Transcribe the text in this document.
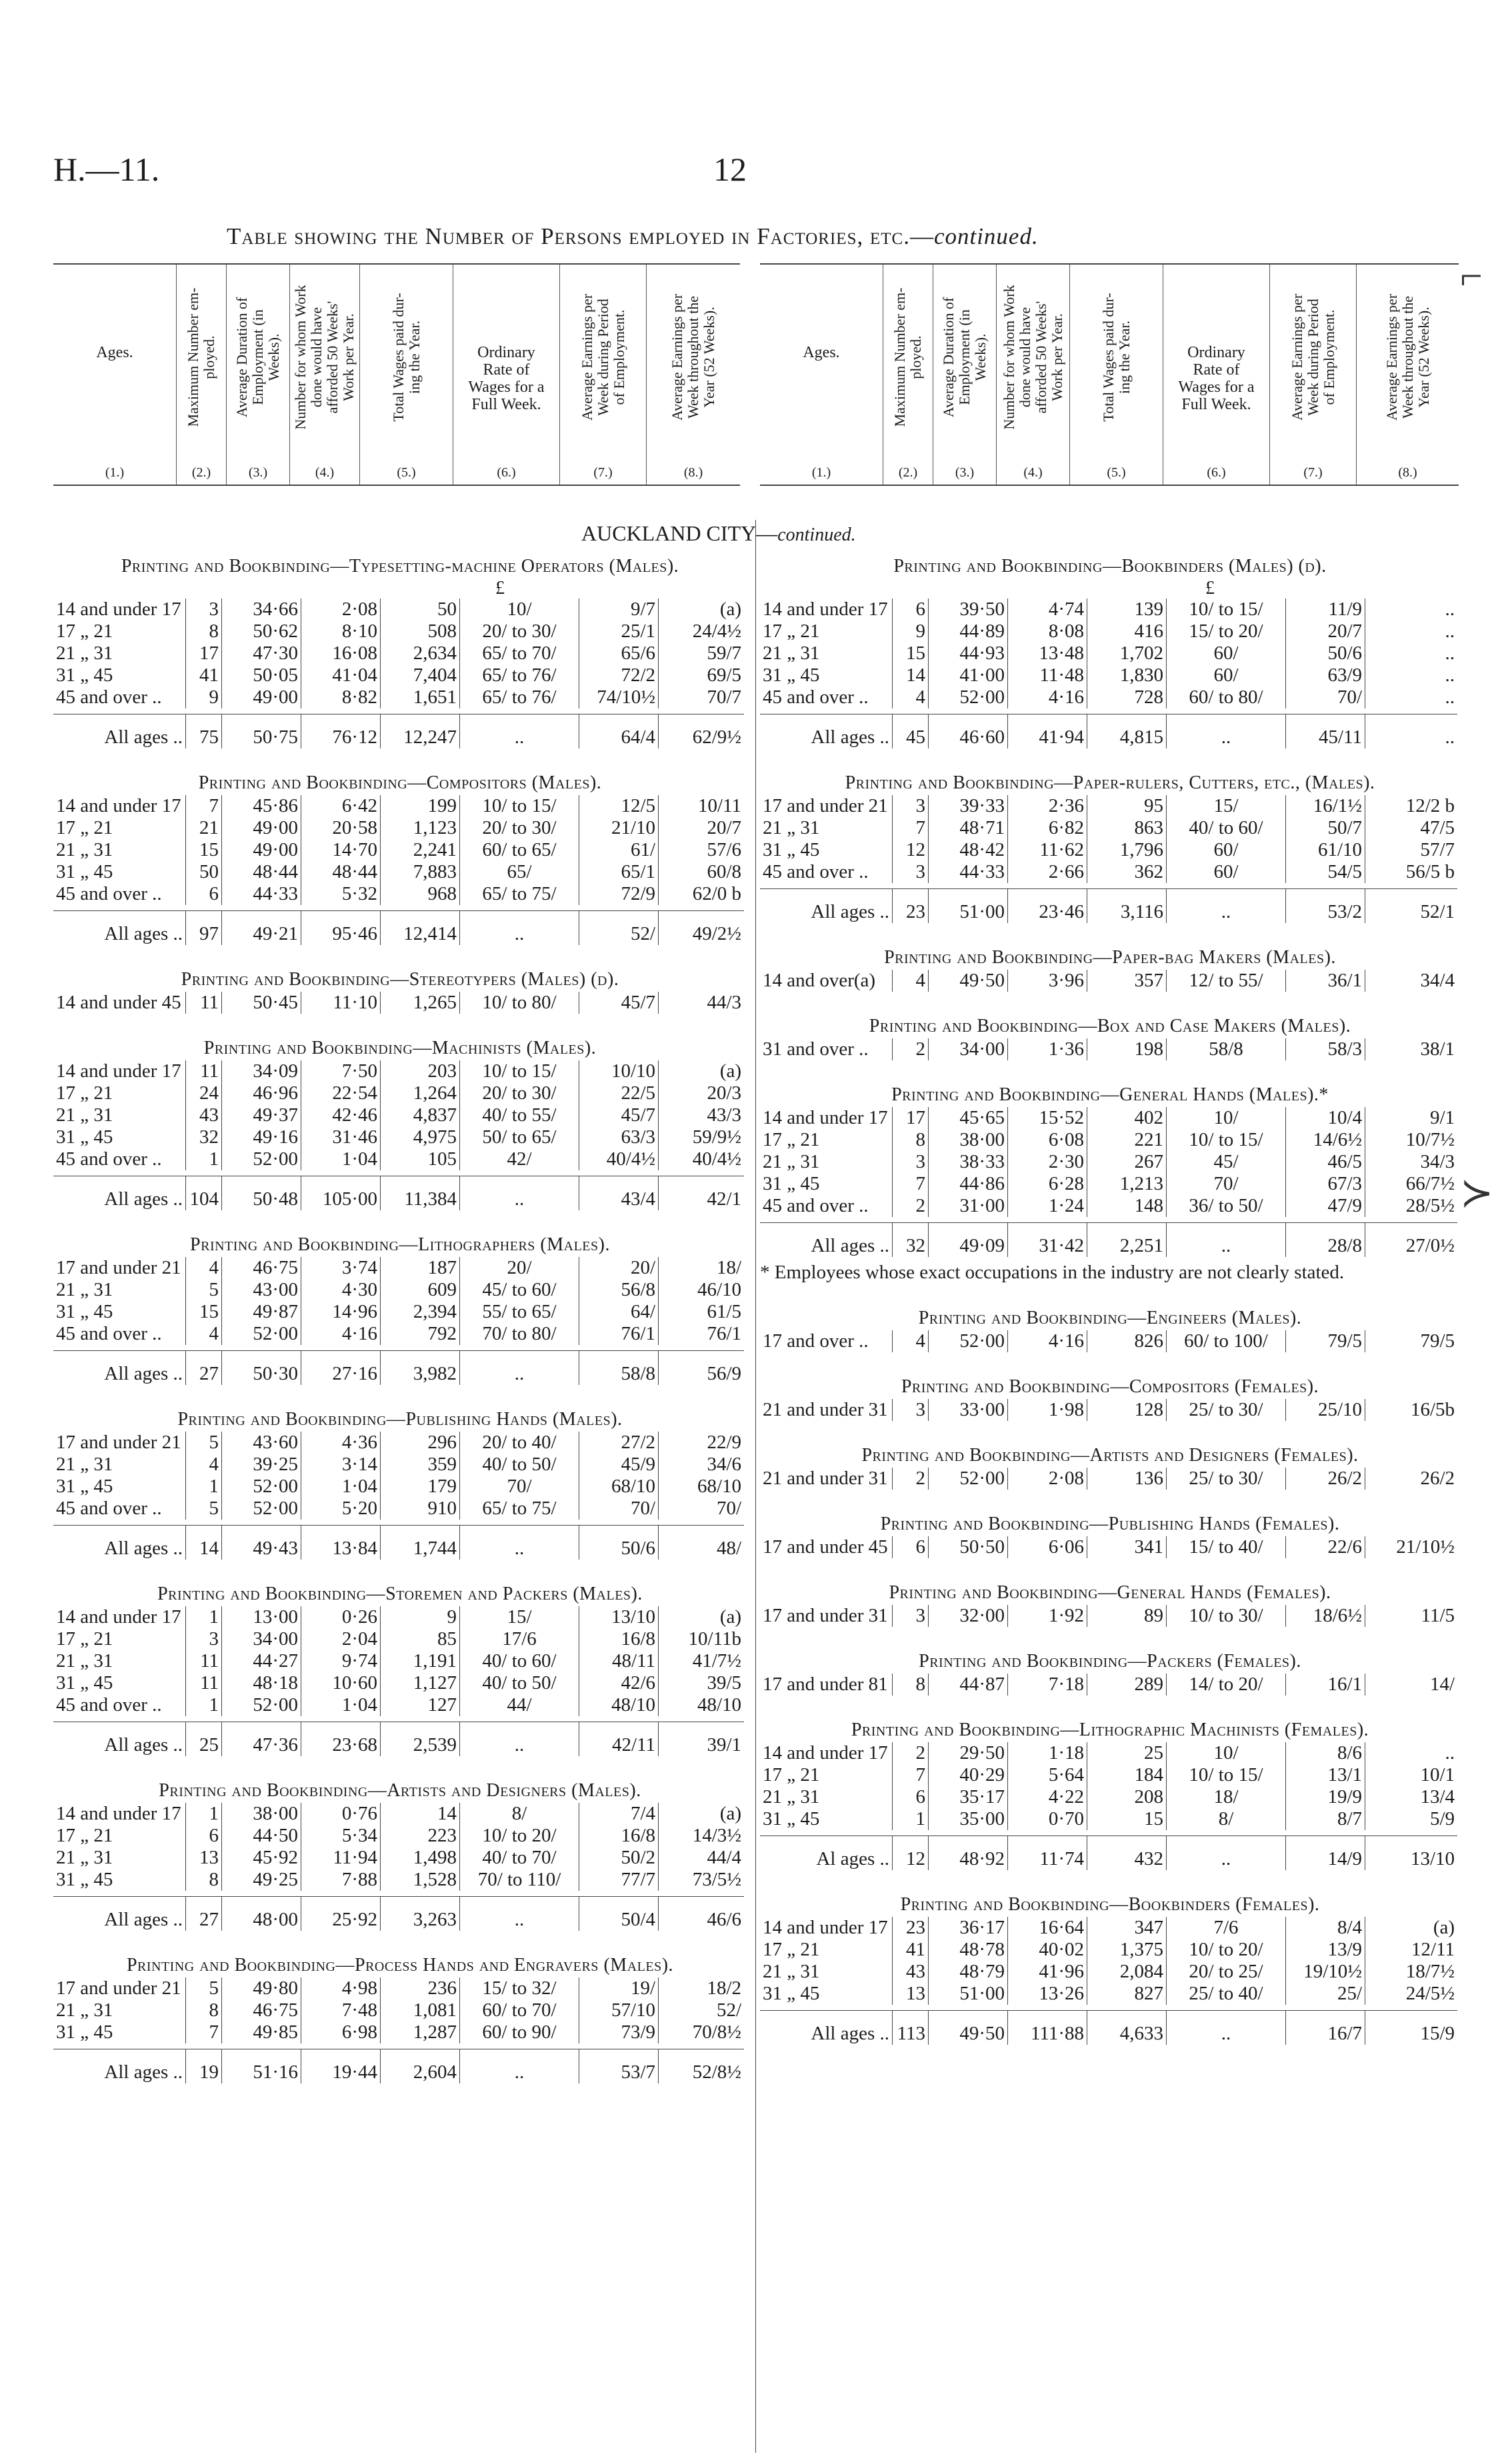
H.—11.	12
Table showing the Number of Persons employed in Factories, etc.—continued.
Ages.
(1.)
Maximum Number em-
ployed.
(2.)
Average Duration of
Employment (in
Weeks).
(3.)
Number for whom Work
done would have
afforded 50 Weeks'
Work per Year.
(4.)
Total Wages paid dur-
ing the Year.
(5.)
Ordinary
Rate of
Wages for a
Full Week.
(6.)
Average Earnings per
Week during Period
of Employment.
(7.)
Average Earnings per
Week throughout the
Year (52 Weeks).
(8.)
Ages.
(1.)
Maximum Number em-
ployed.
(2.)
Average Duration of
Employment (in
Weeks).
(3.)
Number for whom Work
done would have
afforded 50 Weeks'
Work per Year.
(4.)
Total Wages paid dur-
ing the Year.
(5.)
Ordinary
Rate of
Wages for a
Full Week.
(6.)
Average Earnings per
Week during Period
of Employment.
(7.)
Average Earnings per
Week throughout the
Year (52 Weeks).
(8.)
AUCKLAND CITY—continued.
Printing and Bookbinding—Typesetting-machine Operators (Males).
£
14 and under 17	3	34·66	2·08	50	10/	9/7	(a)
17 „ 21	8	50·62	8·10	508	20/ to 30/	25/1	24/4½
21 „ 31	17	47·30	16·08	2,634	65/ to 70/	65/6	59/7
31 „ 45	41	50·05	41·04	7,404	65/ to 76/	72/2	69/5
45 and over ..	9	49·00	8·82	1,651	65/ to 76/	74/10½	70/7

All ages ..	75	50·75	76·12	12,247	..	64/4	62/9½
Printing and Bookbinding—Compositors (Males).
14 and under 17	7	45·86	6·42	199	10/ to 15/	12/5	10/11
17 „ 21	21	49·00	20·58	1,123	20/ to 30/	21/10	20/7
21 „ 31	15	49·00	14·70	2,241	60/ to 65/	61/	57/6
31 „ 45	50	48·44	48·44	7,883	65/	65/1	60/8
45 and over ..	6	44·33	5·32	968	65/ to 75/	72/9	62/0 b

All ages ..	97	49·21	95·46	12,414	..	52/	49/2½
Printing and Bookbinding—Stereotypers (Males) (d).
14 and under 45	11	50·45	11·10	1,265	10/ to 80/	45/7	44/3
Printing and Bookbinding—Machinists (Males).
14 and under 17	11	34·09	7·50	203	10/ to 15/	10/10	(a)
17 „ 21	24	46·96	22·54	1,264	20/ to 30/	22/5	20/3
21 „ 31	43	49·37	42·46	4,837	40/ to 55/	45/7	43/3
31 „ 45	32	49·16	31·46	4,975	50/ to 65/	63/3	59/9½
45 and over ..	1	52·00	1·04	105	42/	40/4½	40/4½

All ages ..	104	50·48	105·00	11,384	..	43/4	42/1
Printing and Bookbinding—Lithographers (Males).
17 and under 21	4	46·75	3·74	187	20/	20/	18/
21 „ 31	5	43·00	4·30	609	45/ to 60/	56/8	46/10
31 „ 45	15	49·87	14·96	2,394	55/ to 65/	64/	61/5
45 and over ..	4	52·00	4·16	792	70/ to 80/	76/1	76/1

All ages ..	27	50·30	27·16	3,982	..	58/8	56/9
Printing and Bookbinding—Publishing Hands (Males).
17 and under 21	5	43·60	4·36	296	20/ to 40/	27/2	22/9
21 „ 31	4	39·25	3·14	359	40/ to 50/	45/9	34/6
31 „ 45	1	52·00	1·04	179	70/	68/10	68/10
45 and over ..	5	52·00	5·20	910	65/ to 75/	70/	70/

All ages ..	14	49·43	13·84	1,744	..	50/6	48/
Printing and Bookbinding—Storemen and Packers (Males).
14 and under 17	1	13·00	0·26	9	15/	13/10	(a)
17 „ 21	3	34·00	2·04	85	17/6	16/8	10/11b
21 „ 31	11	44·27	9·74	1,191	40/ to 60/	48/11	41/7½
31 „ 45	11	48·18	10·60	1,127	40/ to 50/	42/6	39/5
45 and over ..	1	52·00	1·04	127	44/	48/10	48/10

All ages ..	25	47·36	23·68	2,539	..	42/11	39/1
Printing and Bookbinding—Artists and Designers (Males).
14 and under 17	1	38·00	0·76	14	8/	7/4	(a)
17 „ 21	6	44·50	5·34	223	10/ to 20/	16/8	14/3½
21 „ 31	13	45·92	11·94	1,498	40/ to 70/	50/2	44/4
31 „ 45	8	49·25	7·88	1,528	70/ to 110/	77/7	73/5½

All ages ..	27	48·00	25·92	3,263	..	50/4	46/6
Printing and Bookbinding—Process Hands and Engravers (Males).
17 and under 21	5	49·80	4·98	236	15/ to 32/	19/	18/2
21 „ 31	8	46·75	7·48	1,081	60/ to 70/	57/10	52/
31 „ 45	7	49·85	6·98	1,287	60/ to 90/	73/9	70/8½

All ages ..	19	51·16	19·44	2,604	..	53/7	52/8½
Printing and Bookbinding—Bookbinders (Males) (d).
£
14 and under 17	6	39·50	4·74	139	10/ to 15/	11/9	..
17 „ 21	9	44·89	8·08	416	15/ to 20/	20/7	..
21 „ 31	15	44·93	13·48	1,702	60/	50/6	..
31 „ 45	14	41·00	11·48	1,830	60/	63/9	..
45 and over ..	4	52·00	4·16	728	60/ to 80/	70/	..

All ages ..	45	46·60	41·94	4,815	..	45/11	..
Printing and Bookbinding—Paper-rulers, Cutters, etc., (Males).
17 and under 21	3	39·33	2·36	95	15/	16/1½	12/2 b
21 „ 31	7	48·71	6·82	863	40/ to 60/	50/7	47/5
31 „ 45	12	48·42	11·62	1,796	60/	61/10	57/7
45 and over ..	3	44·33	2·66	362	60/	54/5	56/5 b

All ages ..	23	51·00	23·46	3,116	..	53/2	52/1
Printing and Bookbinding—Paper-bag Makers (Males).
14 and over(a)	4	49·50	3·96	357	12/ to 55/	36/1	34/4
Printing and Bookbinding—Box and Case Makers (Males).
31 and over ..	2	34·00	1·36	198	58/8	58/3	38/1
Printing and Bookbinding—General Hands (Males).*
14 and under 17	17	45·65	15·52	402	10/	10/4	9/1
17 „ 21	8	38·00	6·08	221	10/ to 15/	14/6½	10/7½
21 „ 31	3	38·33	2·30	267	45/	46/5	34/3
31 „ 45	7	44·86	6·28	1,213	70/	67/3	66/7½
45 and over ..	2	31·00	1·24	148	36/ to 50/	47/9	28/5½

All ages ..	32	49·09	31·42	2,251	..	28/8	27/0½
* Employees whose exact occupations in the industry are not clearly stated.
Printing and Bookbinding—Engineers (Males).
17 and over ..	4	52·00	4·16	826	60/ to 100/	79/5	79/5
Printing and Bookbinding—Compositors (Females).
21 and under 31	3	33·00	1·98	128	25/ to 30/	25/10	16/5b
Printing and Bookbinding—Artists and Designers (Females).
21 and under 31	2	52·00	2·08	136	25/ to 30/	26/2	26/2
Printing and Bookbinding—Publishing Hands (Females).
17 and under 45	6	50·50	6·06	341	15/ to 40/	22/6	21/10½
Printing and Bookbinding—General Hands (Females).
17 and under 31	3	32·00	1·92	89	10/ to 30/	18/6½	11/5
Printing and Bookbinding—Packers (Females).
17 and under 81	8	44·87	7·18	289	14/ to 20/	16/1	14/
Printing and Bookbinding—Lithographic Machinists (Females).
14 and under 17	2	29·50	1·18	25	10/	8/6	..
17 „ 21	7	40·29	5·64	184	10/ to 15/	13/1	10/1
21 „ 31	6	35·17	4·22	208	18/	19/9	13/4
31 „ 45	1	35·00	0·70	15	8/	8/7	5/9

Al ages ..	12	48·92	11·74	432	..	14/9	13/10
Printing and Bookbinding—Bookbinders (Females).
14 and under 17	23	36·17	16·64	347	7/6	8/4	(a)
17 „ 21	41	48·78	40·02	1,375	10/ to 20/	13/9	12/11
21 „ 31	43	48·79	41·96	2,084	20/ to 25/	19/10½	18/7½
31 „ 45	13	51·00	13·26	827	25/ to 40/	25/	24/5½

All ages ..	113	49·50	111·88	4,633	..	16/7	15/9
⌐
≻
